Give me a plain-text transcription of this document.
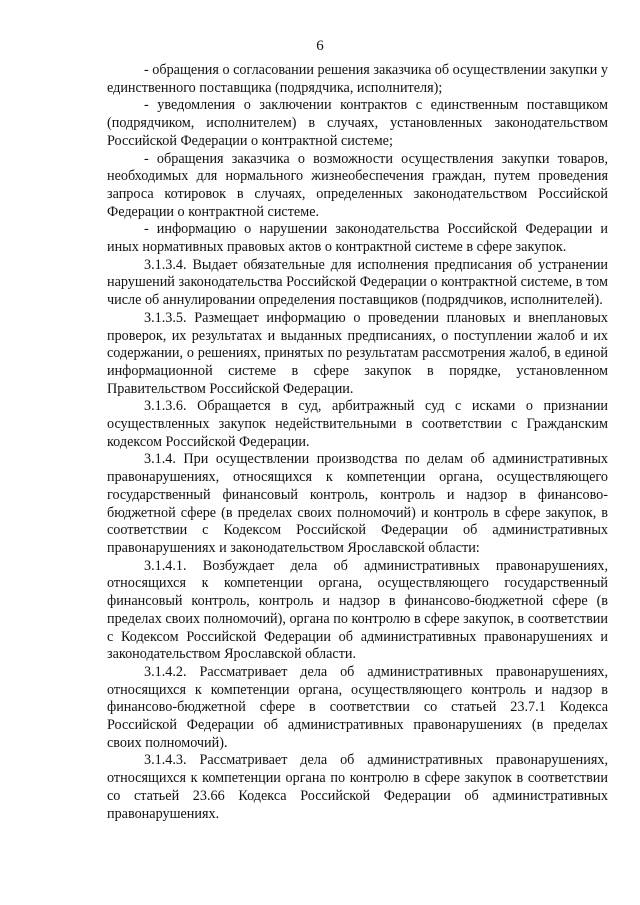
6

- обращения о согласовании решения заказчика об осуществлении закупки у единственного поставщика (подрядчика, исполнителя);

- уведомления о заключении контрактов с единственным поставщиком (подрядчиком, исполнителем) в случаях, установленных законодательством Российской Федерации о контрактной системе;

- обращения заказчика о возможности осуществления закупки товаров, необходимых для нормального жизнеобеспечения граждан, путем проведения запроса котировок в случаях, определенных законодательством Российской Федерации о контрактной системе.

- информацию о нарушении законодательства Российской Федерации и иных нормативных правовых актов о контрактной системе в сфере закупок.

3.1.3.4. Выдает обязательные для исполнения предписания об устранении нарушений законодательства Российской Федерации о контрактной системе, в том числе об аннулировании определения поставщиков (подрядчиков, исполнителей).

3.1.3.5. Размещает информацию о проведении плановых и внеплановых проверок, их результатах и выданных предписаниях, о поступлении жалоб и их содержании, о решениях, принятых по результатам рассмотрения жалоб, в единой информационной системе в сфере закупок в порядке, установленном Правительством Российской Федерации.

3.1.3.6. Обращается в суд, арбитражный суд с исками о признании осуществленных закупок недействительными в соответствии с Гражданским кодексом Российской Федерации.

3.1.4. При осуществлении производства по делам об административных правонарушениях, относящихся к компетенции органа, осуществляющего государственный финансовый контроль, контроль и надзор в финансово-бюджетной сфере (в пределах своих полномочий) и контроль в сфере закупок, в соответствии с Кодексом Российской Федерации об административных правонарушениях и законодательством Ярославской области:

3.1.4.1. Возбуждает дела об административных правонарушениях, относящихся к компетенции органа, осуществляющего государственный финансовый контроль, контроль и надзор в финансово-бюджетной сфере (в пределах своих полномочий), органа по контролю в сфере закупок, в соответствии с Кодексом Российской Федерации об административных правонарушениях и законодательством Ярославской области.

3.1.4.2. Рассматривает дела об административных правонарушениях, относящихся к компетенции органа, осуществляющего контроль и надзор в финансово-бюджетной сфере в соответствии со статьей 23.7.1 Кодекса Российской Федерации об административных правонарушениях (в пределах своих полномочий).

3.1.4.3. Рассматривает дела об административных правонарушениях, относящихся к компетенции органа по контролю в сфере закупок в соответствии со статьей 23.66 Кодекса Российской Федерации об административных правонарушениях.
